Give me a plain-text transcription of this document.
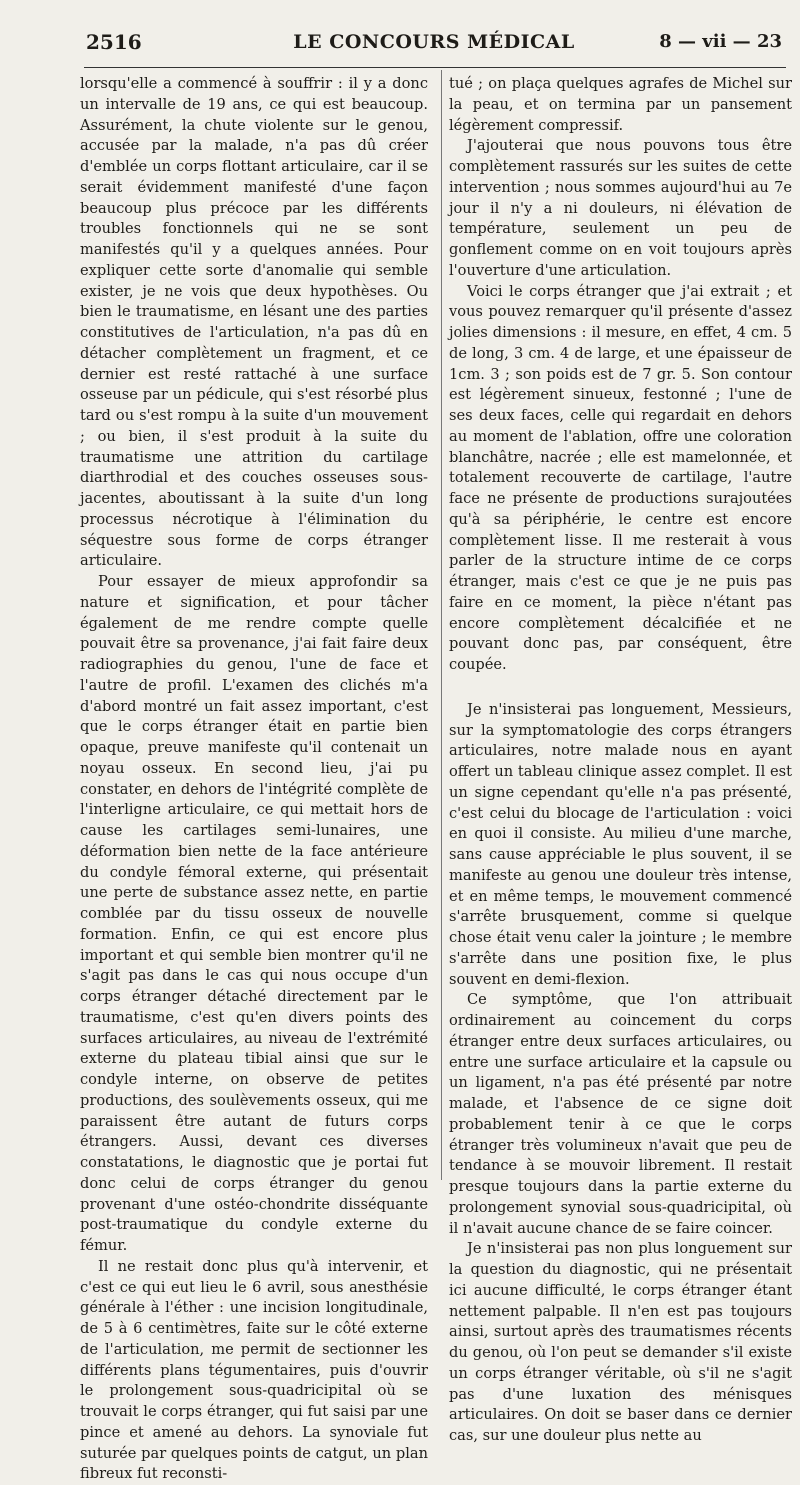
2516	LE CONCOURS MÉDICAL	8 — vii — 23

lorsqu'elle a commencé à souffrir : il y a donc un intervalle de 19 ans, ce qui est beaucoup. Assurément, la chute violente sur le genou, accusée par la malade, n'a pas dû créer d'emblée un corps flottant articulaire, car il se serait évidemment manifesté d'une façon beaucoup plus précoce par les différents troubles fonctionnels qui ne se sont manifestés qu'il y a quelques années. Pour expliquer cette sorte d'anomalie qui semble exister, je ne vois que deux hypothèses. Ou bien le traumatisme, en lésant une des parties constitutives de l'articulation, n'a pas dû en détacher complètement un fragment, et ce dernier est resté rattaché à une surface osseuse par un pédicule, qui s'est résorbé plus tard ou s'est rompu à la suite d'un mouvement ; ou bien, il s'est produit à la suite du traumatisme une attrition du cartilage diarthrodial et des couches osseuses sous-jacentes, aboutissant à la suite d'un long processus nécrotique à l'élimination du séquestre sous forme de corps étranger articulaire.

Pour essayer de mieux approfondir sa nature et signification, et pour tâcher également de me rendre compte quelle pouvait être sa provenance, j'ai fait faire deux radiographies du genou, l'une de face et l'autre de profil. L'examen des clichés m'a d'abord montré un fait assez important, c'est que le corps étranger était en partie bien opaque, preuve manifeste qu'il contenait un noyau osseux. En second lieu, j'ai pu constater, en dehors de l'intégrité complète de l'interligne articulaire, ce qui mettait hors de cause les cartilages semi-lunaires, une déformation bien nette de la face antérieure du condyle fémoral externe, qui présentait une perte de substance assez nette, en partie comblée par du tissu osseux de nouvelle formation. Enfin, ce qui est encore plus important et qui semble bien montrer qu'il ne s'agit pas dans le cas qui nous occupe d'un corps étranger détaché directement par le traumatisme, c'est qu'en divers points des surfaces articulaires, au niveau de l'extrémité externe du plateau tibial ainsi que sur le condyle interne, on observe de petites productions, des soulèvements osseux, qui me paraissent être autant de futurs corps étrangers. Aussi, devant ces diverses constatations, le diagnostic que je portai fut donc celui de corps étranger du genou provenant d'une ostéo-chondrite disséquante post-traumatique du condyle externe du fémur.

Il ne restait donc plus qu'à intervenir, et c'est ce qui eut lieu le 6 avril, sous anesthésie générale à l'éther : une incision longitudinale, de 5 à 6 centimètres, faite sur le côté externe de l'articulation, me permit de sectionner les différents plans tégumentaires, puis d'ouvrir le prolongement sous-quadricipital où se trouvait le corps étranger, qui fut saisi par une pince et amené au dehors. La synoviale fut suturée par quelques points de catgut, un plan fibreux fut reconsti-

tué ; on plaça quelques agrafes de Michel sur la peau, et on termina par un pansement légèrement compressif.

J'ajouterai que nous pouvons tous être complètement rassurés sur les suites de cette intervention ; nous sommes aujourd'hui au 7e jour il n'y a ni douleurs, ni élévation de température, seulement un peu de gonflement comme on en voit toujours après l'ouverture d'une articulation.

Voici le corps étranger que j'ai extrait ; et vous pouvez remarquer qu'il présente d'assez jolies dimensions : il mesure, en effet, 4 cm. 5 de long, 3 cm. 4 de large, et une épaisseur de 1cm. 3 ; son poids est de 7 gr. 5. Son contour est légèrement sinueux, festonné ; l'une de ses deux faces, celle qui regardait en dehors au moment de l'ablation, offre une coloration blanchâtre, nacrée ; elle est mamelonnée, et totalement recouverte de cartilage, l'autre face ne présente de productions surajoutées qu'à sa périphérie, le centre est encore complètement lisse. Il me resterait à vous parler de la structure intime de ce corps étranger, mais c'est ce que je ne puis pas faire en ce moment, la pièce n'étant pas encore complètement décalcifiée et ne pouvant donc pas, par conséquent, être coupée.

Je n'insisterai pas longuement, Messieurs, sur la symptomatologie des corps étrangers articulaires, notre malade nous en ayant offert un tableau clinique assez complet. Il est un signe cependant qu'elle n'a pas présenté, c'est celui du blocage de l'articulation : voici en quoi il consiste. Au milieu d'une marche, sans cause appréciable le plus souvent, il se manifeste au genou une douleur très intense, et en même temps, le mouvement commencé s'arrête brusquement, comme si quelque chose était venu caler la jointure ; le membre s'arrête dans une position fixe, le plus souvent en demi-flexion.

Ce symptôme, que l'on attribuait ordinairement au coincement du corps étranger entre deux surfaces articulaires, ou entre une surface articulaire et la capsule ou un ligament, n'a pas été présenté par notre malade, et l'absence de ce signe doit probablement tenir à ce que le corps étranger très volumineux n'avait que peu de tendance à se mouvoir librement. Il restait presque toujours dans la partie externe du prolongement synovial sous-quadricipital, où il n'avait aucune chance de se faire coincer.

Je n'insisterai pas non plus longuement sur la question du diagnostic, qui ne présentait ici aucune difficulté, le corps étranger étant nettement palpable. Il n'en est pas toujours ainsi, surtout après des traumatismes récents du genou, où l'on peut se demander s'il existe un corps étranger véritable, où s'il ne s'agit pas d'une luxation des ménisques articulaires. On doit se baser dans ce dernier cas, sur une douleur plus nette au
